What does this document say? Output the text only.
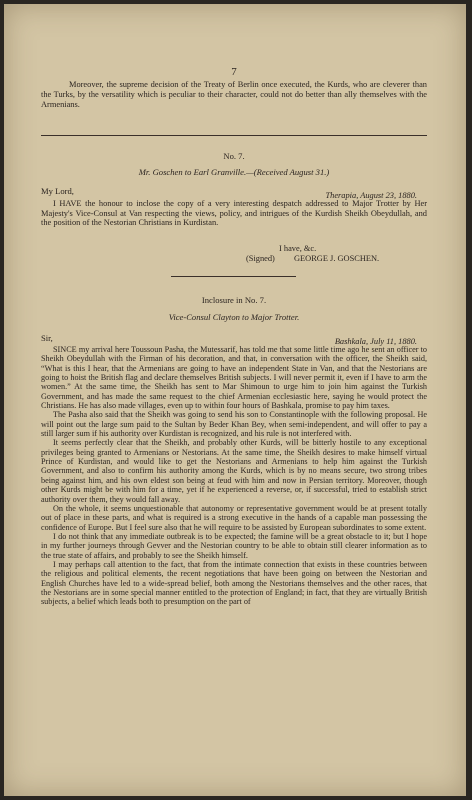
7
Moreover, the supreme decision of the Treaty of Berlin once executed, the Kurds, who are cleverer than the Turks, by the versatility which is peculiar to their character, could not do better than ally themselves with the Armenians.
No. 7.
Mr. Goschen to Earl Granville.—(Received August 31.)
My Lord,	Therapia, August 23, 1880.
I HAVE the honour to inclose the copy of a very interesting despatch addressed to Major Trotter by Her Majesty's Vice-Consul at Van respecting the views, policy, and intrigues of the Kurdish Sheikh Obeydullah, and the position of the Nestorian Christians in Kurdistan.
I have, &c.
(Signed) GEORGE J. GOSCHEN.
Inclosure in No. 7.
Vice-Consul Clayton to Major Trotter.
Sir,	Bashkala, July 11, 1880.

SINCE my arrival here Toussoun Pasha, the Mutessarif, has told me that some little time ago he sent an officer to Sheikh Obeydullah with the Firman of his decoration, and that, in conversation with the officer, the Sheikh said, “What is this I hear, that the Armenians are going to have an independent State in Van, and that the Nestorians are going to hoist the British flag and declare themselves British subjects. I will never permit it, even if I have to arm the women.” At the same time, the Sheikh has sent to Mar Shimoun to urge him to join him against the Turkish Government, and has made the same request to the chief Armenian ecclesiastic here, saying he would protect the Christians. He has also made villages, even up to within four hours of Bashkala, promise to pay him taxes.

The Pasha also said that the Sheikh was going to send his son to Constantinople with the following proposal. He will point out the large sum paid to the Sultan by Beder Khan Bey, when semi-independent, and will offer to pay a still larger sum if his authority over Kurdistan is recognized, and his rule is not interfered with.

It seems perfectly clear that the Sheikh, and probably other Kurds, will be bitterly hostile to any exceptional privileges being granted to Armenians or Nestorians. At the same time, the Sheikh desires to make himself virtual Prince of Kurdistan, and would like to get the Nestorians and Armenians to help him against the Turkish Government, and also to confirm his authority among the Kurds, which is by no means secure, two strong tribes being against him, and his own eldest son being at feud with him and now in Persian territory. Moreover, though other Kurds might be with him for a time, yet if he experienced a reverse, or, if successful, tried to establish strict authority over them, they would fall away.

On the whole, it seems unquestionable that autonomy or representative government would be at present totally out of place in these parts, and what is required is a strong executive in the hands of a capable man possessing the confidence of Europe. But I feel sure also that he will require to be assisted by European subordinates to some extent.

I do not think that any immediate outbreak is to be expected; the famine will be a great obstacle to it; but I hope in my further journeys through Gevver and the Nestorian country to be able to obtain still clearer information as to the true state of affairs, and probably to see the Sheikh himself.

I may perhaps call attention to the fact, that from the intimate connection that exists in these countries between the religious and political elements, the recent negotiations that have been going on between the Nestorian and English Churches have led to a wide-spread belief, both among the Nestorians themselves and the other races, that the Nestorians are in some special manner entitled to the protection of England; in fact, that they are virtually British subjects, a belief which leads both to presumption on the part of
